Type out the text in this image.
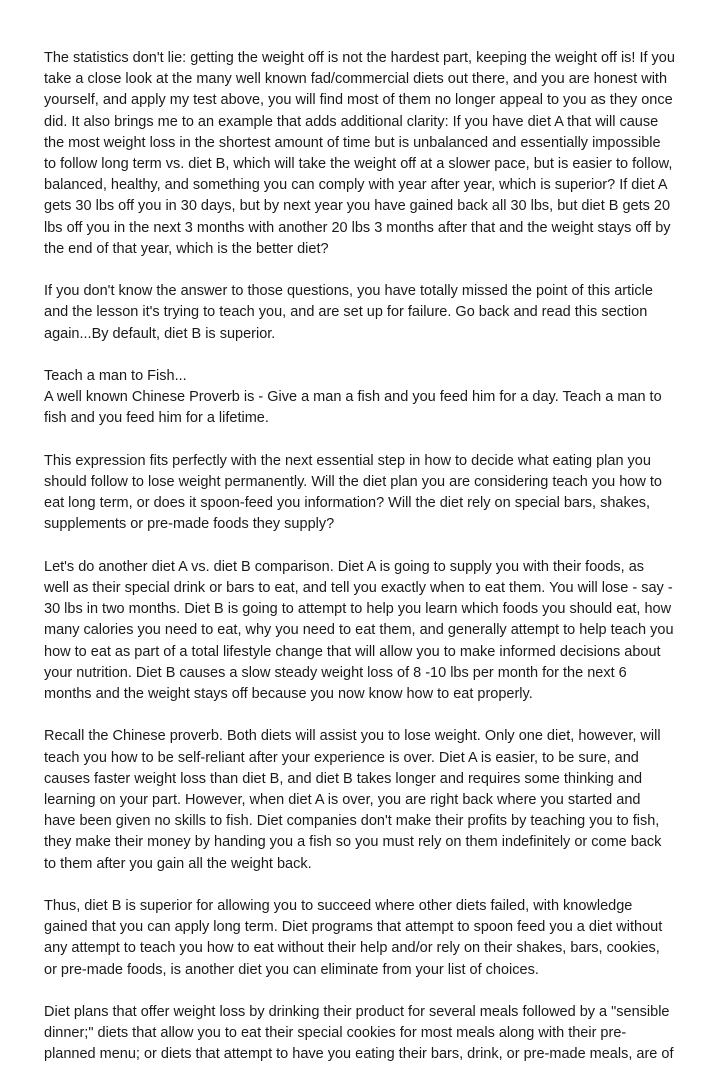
The statistics don't lie: getting the weight off is not the hardest part, keeping the weight off is! If you
take a close look at the many well known fad/commercial diets out there, and you are honest with
yourself, and apply my test above, you will find most of them no longer appeal to you as they once
did. It also brings me to an example that adds additional clarity: If you have diet A that will cause
the most weight loss in the shortest amount of time but is unbalanced and essentially impossible
to follow long term vs. diet B, which will take the weight off at a slower pace, but is easier to follow,
balanced, healthy, and something you can comply with year after year, which is superior? If diet A
gets 30 lbs off you in 30 days, but by next year you have gained back all 30 lbs, but diet B gets 20
lbs off you in the next 3 months with another 20 lbs 3 months after that and the weight stays off by
the end of that year, which is the better diet?
If you don't know the answer to those questions, you have totally missed the point of this article
and the lesson it's trying to teach you, and are set up for failure. Go back and read this section
again...By default, diet B is superior.
Teach a man to Fish...
A well known Chinese Proverb is - Give a man a fish and you feed him for a day. Teach a man to
fish and you feed him for a lifetime.
This expression fits perfectly with the next essential step in how to decide what eating plan you
should follow to lose weight permanently. Will the diet plan you are considering teach you how to
eat long term, or does it spoon-feed you information? Will the diet rely on special bars, shakes,
supplements or pre-made foods they supply?
Let's do another diet A vs. diet B comparison. Diet A is going to supply you with their foods, as
well as their special drink or bars to eat, and tell you exactly when to eat them. You will lose - say -
30 lbs in two months. Diet B is going to attempt to help you learn which foods you should eat, how
many calories you need to eat, why you need to eat them, and generally attempt to help teach you
how to eat as part of a total lifestyle change that will allow you to make informed decisions about
your nutrition. Diet B causes a slow steady weight loss of 8 -10 lbs per month for the next 6
months and the weight stays off because you now know how to eat properly.
Recall the Chinese proverb. Both diets will assist you to lose weight. Only one diet, however, will
teach you how to be self-reliant after your experience is over. Diet A is easier, to be sure, and
causes faster weight loss than diet B, and diet B takes longer and requires some thinking and
learning on your part. However, when diet A is over, you are right back where you started and
have been given no skills to fish. Diet companies don't make their profits by teaching you to fish,
they make their money by handing you a fish so you must rely on them indefinitely or come back
to them after you gain all the weight back.
Thus, diet B is superior for allowing you to succeed where other diets failed, with knowledge
gained that you can apply long term. Diet programs that attempt to spoon feed you a diet without
any attempt to teach you how to eat without their help and/or rely on their shakes, bars, cookies,
or pre-made foods, is another diet you can eliminate from your list of choices.
Diet plans that offer weight loss by drinking their product for several meals followed by a "sensible
dinner;" diets that allow you to eat their special cookies for most meals along with their pre-
planned menu; or diets that attempt to have you eating their bars, drink, or pre-made meals, are of
